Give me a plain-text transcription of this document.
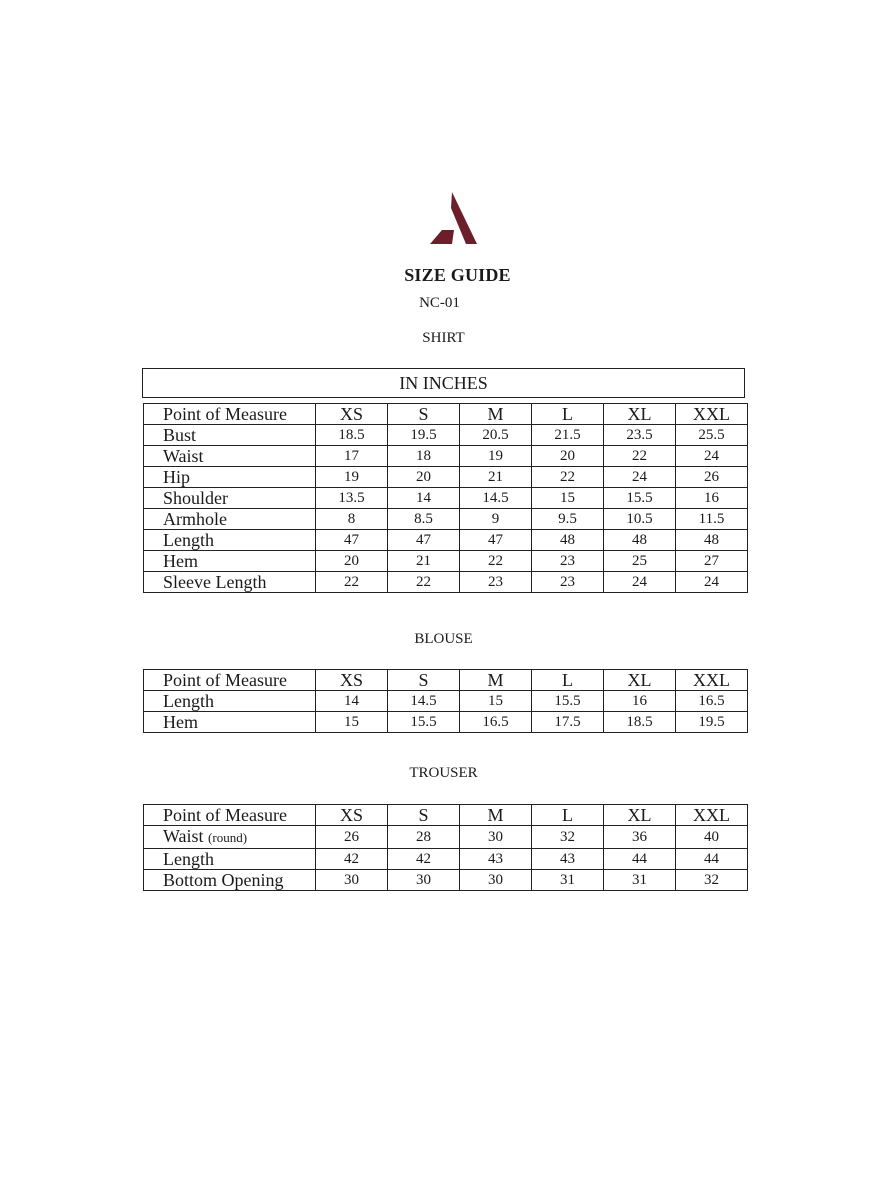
SIZE GUIDE
NC-01
SHIRT
IN INCHES
Point of Measure	XS	S	M	L	XL	XXL
Bust	18.5	19.5	20.5	21.5	23.5	25.5
Waist	17	18	19	20	22	24
Hip	19	20	21	22	24	26
Shoulder	13.5	14	14.5	15	15.5	16
Armhole	8	8.5	9	9.5	10.5	11.5
Length	47	47	47	48	48	48
Hem	20	21	22	23	25	27
Sleeve Length	22	22	23	23	24	24
BLOUSE
Point of Measure	XS	S	M	L	XL	XXL
Length	14	14.5	15	15.5	16	16.5
Hem	15	15.5	16.5	17.5	18.5	19.5
TROUSER
Point of Measure	XS	S	M	L	XL	XXL
Waist (round)	26	28	30	32	36	40
Length	42	42	43	43	44	44
Bottom Opening	30	30	30	31	31	32
